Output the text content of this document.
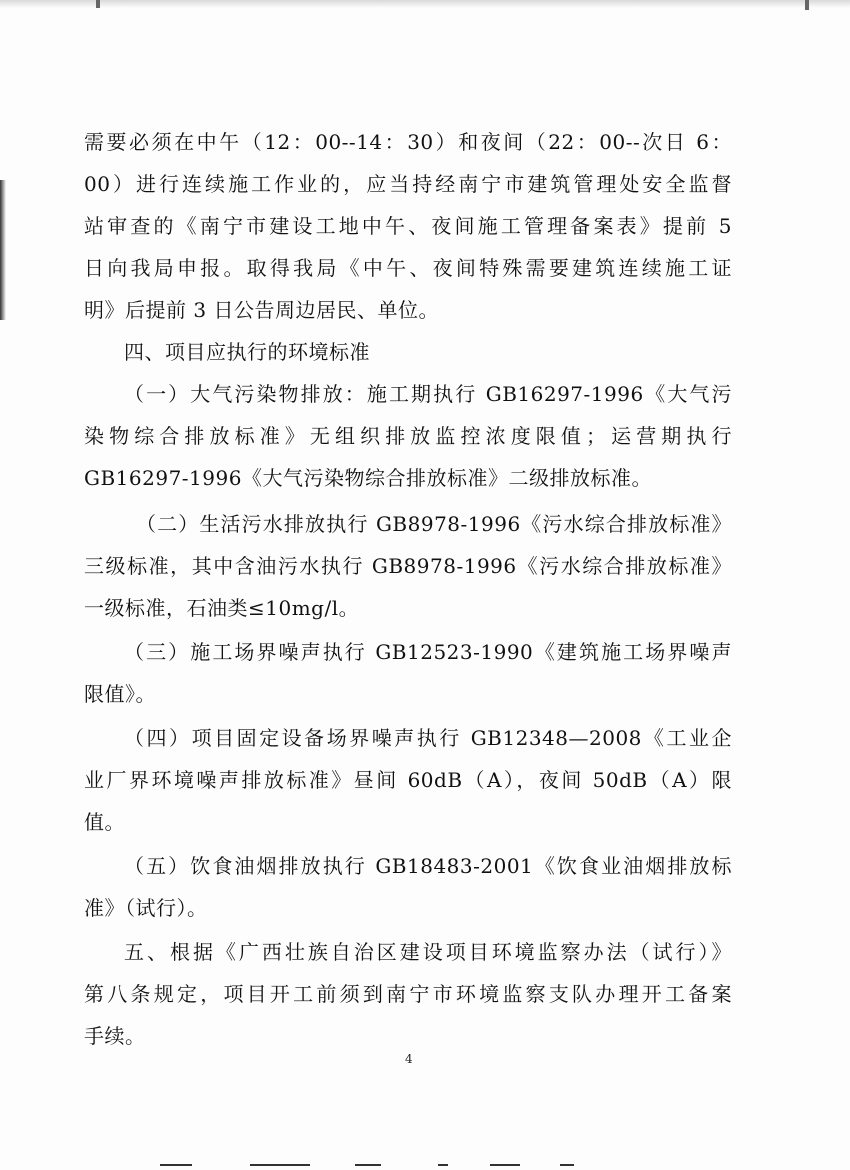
需要必须在中午（12：00--14：30）和夜间（22：00--次日 6：
00）进行连续施工作业的，应当持经南宁市建筑管理处安全监督
站审查的《南宁市建设工地中午、夜间施工管理备案表》提前 5
日向我局申报。取得我局《中午、夜间特殊需要建筑连续施工证
明》后提前 3 日公告周边居民、单位。
四、项目应执行的环境标准
（一）大气污染物排放：施工期执行 GB16297-1996《大气污
染物综合排放标准》无组织排放监控浓度限值；运营期执行
GB16297-1996《大气污染物综合排放标准》二级排放标准。
（二）生活污水排放执行 GB8978-1996《污水综合排放标准》
三级标准，其中含油污水执行 GB8978-1996《污水综合排放标准》
一级标准，石油类≤10mg/l。
（三）施工场界噪声执行 GB12523-1990《建筑施工场界噪声
限值》。
（四）项目固定设备场界噪声执行 GB12348—2008《工业企
业厂界环境噪声排放标准》昼间 60dB（A），夜间 50dB（A）限
值。
（五）饮食油烟排放执行 GB18483-2001《饮食业油烟排放标
准》（试行）。
五、根据《广西壮族自治区建设项目环境监察办法（试行）》
第八条规定，项目开工前须到南宁市环境监察支队办理开工备案
手续。
4
